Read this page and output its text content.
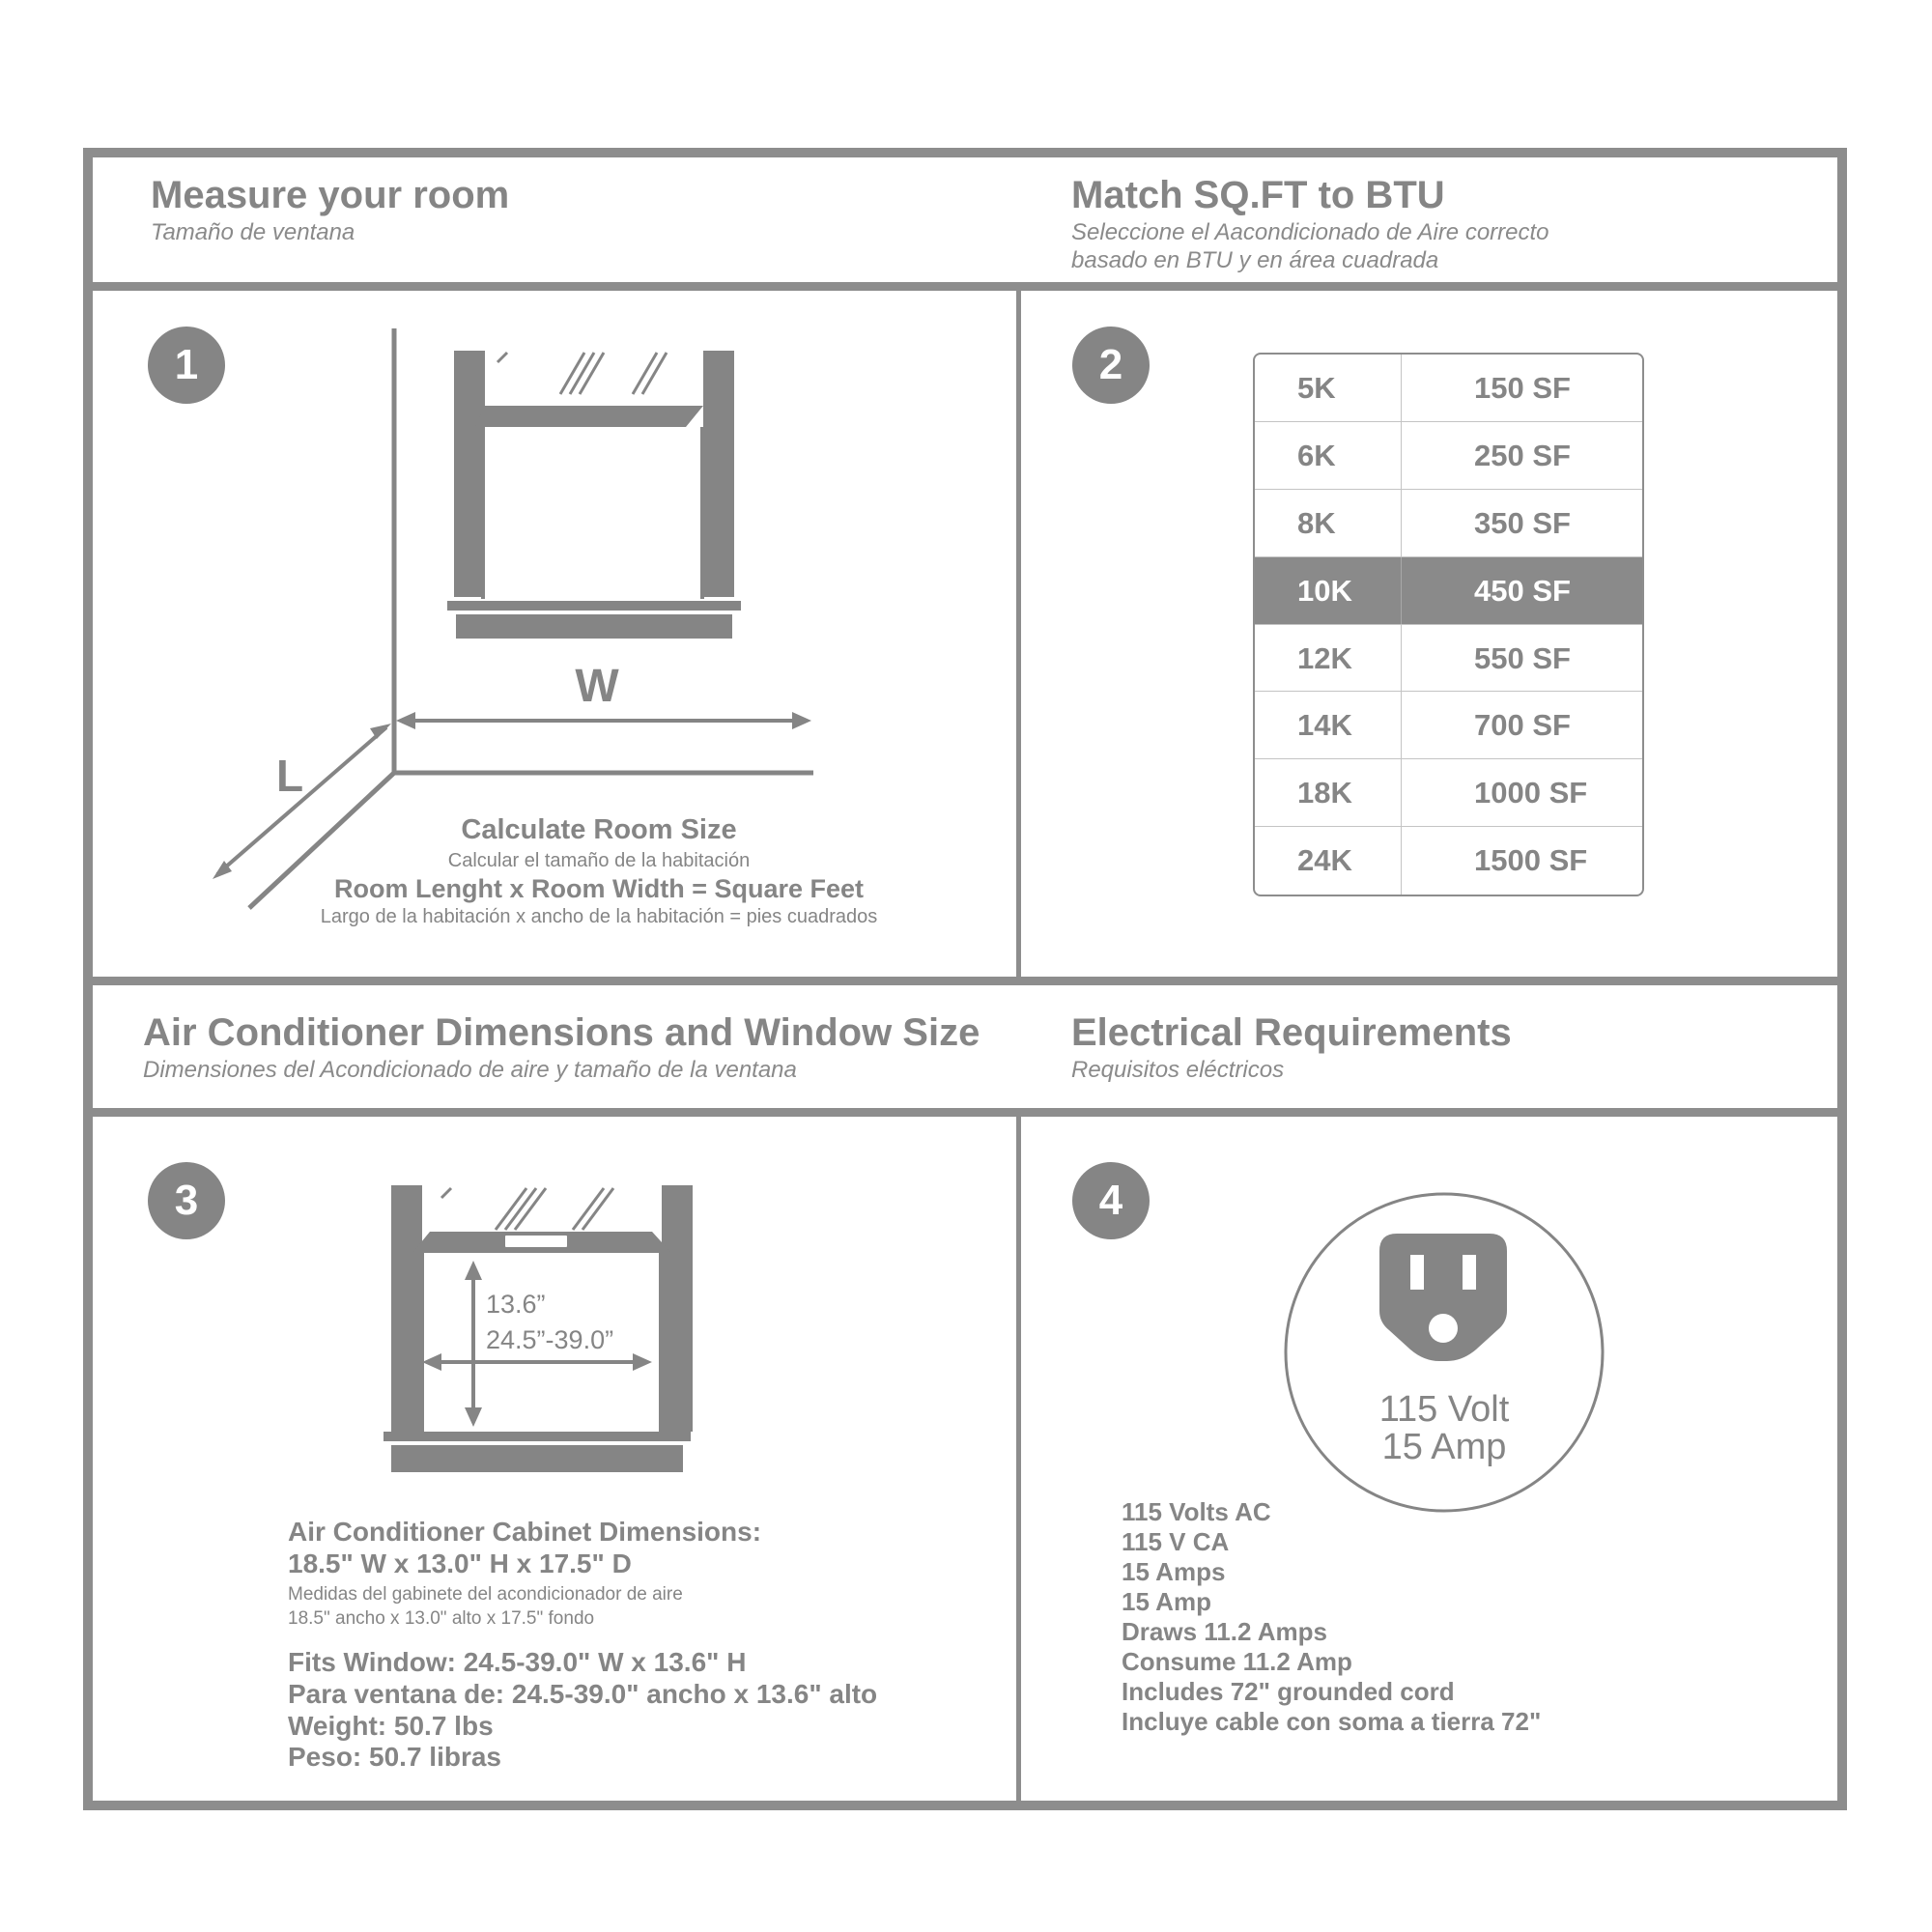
Measure your room
Tamaño de ventana
Match SQ.FT to BTU
Seleccione el Aacondicionado de Aire correcto
basado en BTU y en área cuadrada
1
W
L
Calculate Room Size
Calcular el tamaño de la habitación
Room Lenght x Room Width = Square Feet
Largo de la habitación x ancho de la habitación = pies cuadrados
2	5K	150 SF
6K	250 SF
8K	350 SF
10K	450 SF
12K	550 SF
14K	700 SF
18K	1000 SF
24K	1500 SF
Air Conditioner Dimensions and Window Size
Dimensiones del Acondicionado de aire y tamaño de la ventana
Electrical Requirements
Requisitos eléctricos
3
13.6”
24.5”-39.0”
Air Conditioner Cabinet Dimensions:
18.5" W x 13.0" H x 17.5" D
Medidas del gabinete del acondicionador de aire
18.5" ancho x 13.0" alto x 17.5" fondo
Fits Window: 24.5-39.0" W x 13.6" H
Para ventana de: 24.5-39.0" ancho x 13.6" alto
Weight: 50.7 lbs
Peso: 50.7 libras
4
115 Volt
15 Amp
115 Volts AC
115 V CA
15 Amps
15 Amp
Draws 11.2 Amps
Consume 11.2 Amp
Includes 72" grounded cord
Incluye cable con soma a tierra 72"
